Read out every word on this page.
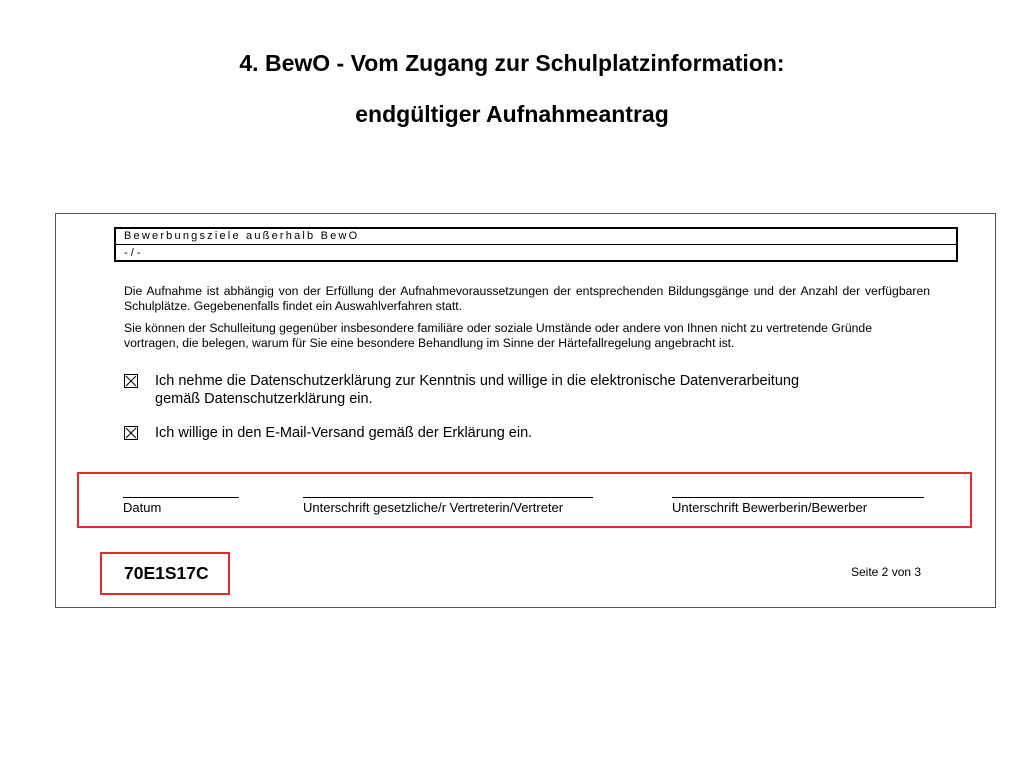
4. BewO - Vom Zugang zur Schulplatzinformation:
endgültiger Aufnahmeantrag
Bewerbungsziele außerhalb BewO
- / -
Die Aufnahme ist abhängig von der Erfüllung der Aufnahmevoraussetzungen der entsprechenden Bildungsgänge und der Anzahl der verfügbaren Schulplätze. Gegebenenfalls findet ein Auswahlverfahren statt.
Sie können der Schulleitung gegenüber insbesondere familiäre oder soziale Umstände oder andere von Ihnen nicht zu vertretende Gründe vortragen, die belegen, warum für Sie eine besondere Behandlung im Sinne der Härtefallregelung angebracht ist.
Ich nehme die Datenschutzerklärung zur Kenntnis und willige in die elektronische Datenverarbeitung
gemäß Datenschutzerklärung ein.
Ich willige in den E-Mail-Versand gemäß der Erklärung ein.
Datum	Unterschrift gesetzliche/r Vertreterin/Vertreter	Unterschrift Bewerberin/Bewerber
70E1S17C	Seite 2 von 3
